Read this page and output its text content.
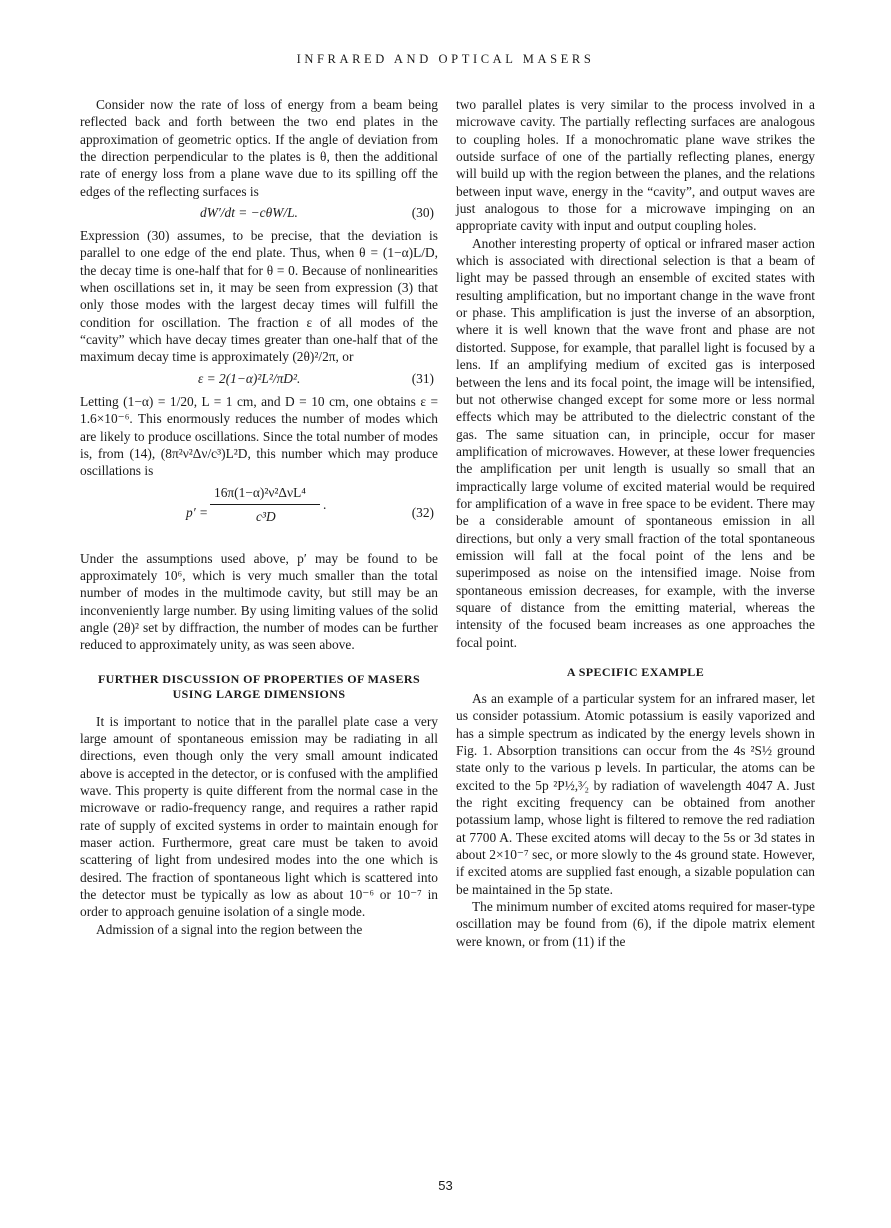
INFRARED AND OPTICAL MASERS

Consider now the rate of loss of energy from a beam being reflected back and forth between the two end plates in the approximation of geometric optics. If the angle of deviation from the direction perpendicular to the plates is θ, then the additional rate of energy loss from a plane wave due to its spilling off the edges of the reflecting surfaces is

dW′/dt = −cθW/L.	(30)

Expression (30) assumes, to be precise, that the deviation is parallel to one edge of the end plate. Thus, when θ = (1−α)L/D, the decay time is one-half that for θ = 0. Because of nonlinearities when oscillations set in, it may be seen from expression (3) that only those modes with the largest decay times will fulfill the condition for oscillation. The fraction ε of all modes of the “cavity” which have decay times greater than one-half that of the maximum decay time is approximately (2θ)²/2π, or

ε = 2(1−α)²L²/πD².	(31)

Letting (1−α) = 1/20, L = 1 cm, and D = 10 cm, one obtains ε = 1.6×10⁻⁶. This enormously reduces the number of modes which are likely to produce oscillations. Since the total number of modes is, from (14), (8π²ν²Δν/c³)L²D, this number which may produce oscillations is

p′ =
16π(1−α)²ν²ΔνL⁴
c³D
.
(32)

Under the assumptions used above, p′ may be found to be approximately 10⁶, which is very much smaller than the total number of modes in the multimode cavity, but still may be an inconveniently large number. By using limiting values of the solid angle (2θ)² set by diffraction, the number of modes can be further reduced to approximately unity, as was seen above.

FURTHER DISCUSSION OF PROPERTIES OF MASERS USING LARGE DIMENSIONS

It is important to notice that in the parallel plate case a very large amount of spontaneous emission may be radiating in all directions, even though only the very small amount indicated above is accepted in the detector, or is confused with the amplified wave. This property is quite different from the normal case in the microwave or radio-frequency range, and requires a rather rapid rate of supply of excited systems in order to maintain enough for maser action. Furthermore, great care must be taken to avoid scattering of light from undesired modes into the one which is desired. The fraction of spontaneous light which is scattered into the detector must be typically as low as about 10⁻⁶ or 10⁻⁷ in order to approach genuine isolation of a single mode.

Admission of a signal into the region between the

two parallel plates is very similar to the process involved in a microwave cavity. The partially reflecting surfaces are analogous to coupling holes. If a monochromatic plane wave strikes the outside surface of one of the partially reflecting planes, energy will build up with the region between the planes, and the relations between input wave, energy in the “cavity”, and output waves are just analogous to those for a microwave impinging on an appropriate cavity with input and output coupling holes.

Another interesting property of optical or infrared maser action which is associated with directional selection is that a beam of light may be passed through an ensemble of excited states with resulting amplification, but no important change in the wave front or phase. This amplification is just the inverse of an absorption, where it is well known that the wave front and phase are not distorted. Suppose, for example, that parallel light is focused by a lens. If an amplifying medium of excited gas is interposed between the lens and its focal point, the image will be intensified, but not otherwise changed except for some more or less normal effects which may be attributed to the dielectric constant of the gas. The same situation can, in principle, occur for maser amplification of microwaves. However, at these lower frequencies the amplification per unit length is usually so small that an impractically large volume of excited material would be required for amplification of a wave in free space to be evident. There may be a considerable amount of spontaneous emission in all directions, but only a very small fraction of the total spontaneous emission will fall at the focal point of the lens and be superimposed as noise on the intensified image. Noise from spontaneous emission decreases, for example, with the inverse square of distance from the emitting material, whereas the intensity of the focused beam increases as one approaches the focal point.

A SPECIFIC EXAMPLE

As an example of a particular system for an infrared maser, let us consider potassium. Atomic potassium is easily vaporized and has a simple spectrum as indicated by the energy levels shown in Fig. 1. Absorption transitions can occur from the 4s ²S½ ground state only to the various p levels. In particular, the atoms can be excited to the 5p ²P½,³⁄₂ by radiation of wavelength 4047 A. Just the right exciting frequency can be obtained from another potassium lamp, whose light is filtered to remove the red radiation at 7700 A. These excited atoms will decay to the 5s or 3d states in about 2×10⁻⁷ sec, or more slowly to the 4s ground state. However, if excited atoms are supplied fast enough, a sizable population can be maintained in the 5p state.

The minimum number of excited atoms required for maser-type oscillation may be found from (6), if the dipole matrix element were known, or from (11) if the

53
